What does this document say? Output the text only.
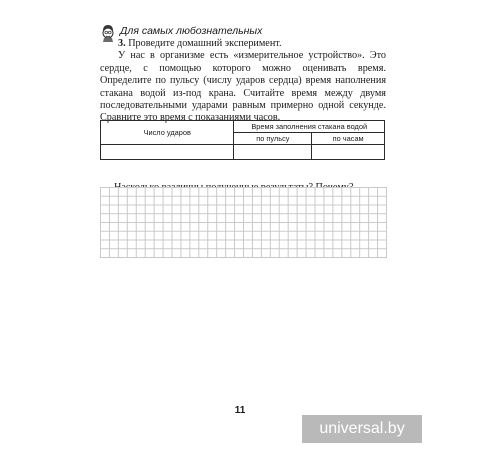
Для самых любознательных

3. Проведите домашний эксперимент.

У нас в организме есть «измерительное устройство». Это сердце, с помощью которого можно оценивать время. Определите по пульсу (числу ударов сердца) время наполнения стакана водой из-под крана. Считайте время между двумя последовательными ударами равным примерно одной секунде. Сравните это время с показаниями часов.

Число ударов	Время заполнения стакана водой	
	по пульсу	по часам

11
universal.by
